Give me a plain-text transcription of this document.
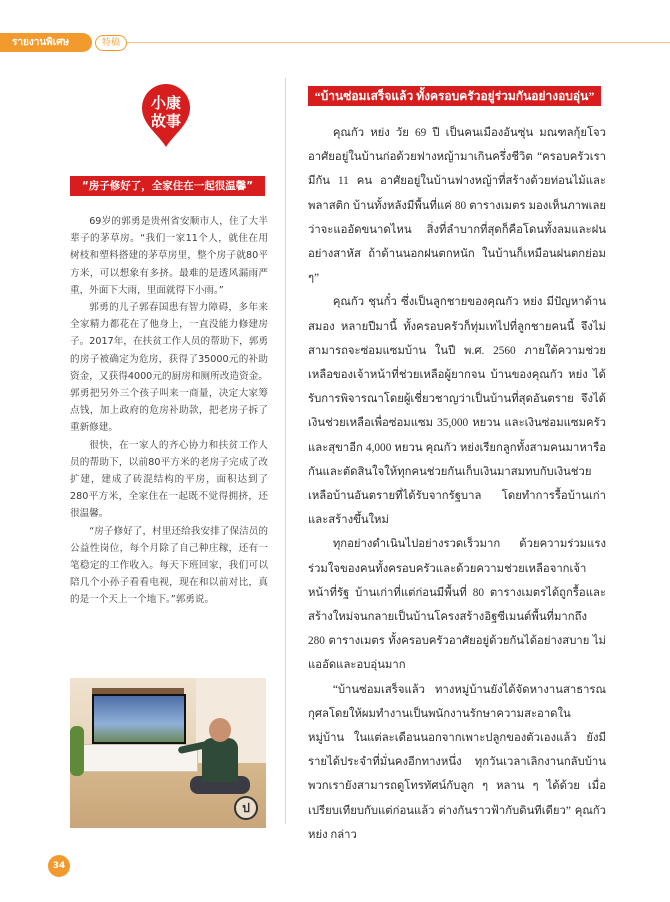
รายงานพิเศษ	特稿
小康
故事
“房子修好了，全家住在一起很温馨”

69岁的郭勇是贵州省安顺市人，住了大半辈子的茅草房。“我们一家11个人，就住在用树枝和塑料搭建的茅草房里，整个房子就80平方米，可以想象有多挤。最难的是透风漏雨严重，外面下大雨，里面就得下小雨。”

郭勇的儿子郭春国患有智力障碍，多年来全家精力都花在了他身上，一直没能力修建房子。2017年，在扶贫工作人员的帮助下，郭勇的房子被确定为危房，获得了35000元的补助资金，又获得4000元的厨房和厕所改造资金。郭勇把另外三个孩子叫来一商量，决定大家筹点钱，加上政府的危房补助款，把老房子拆了重新修建。

很快，在一家人的齐心协力和扶贫工作人员的帮助下，以前80平方米的老房子完成了改扩建，建成了砖混结构的平房，面积达到了280平方米，全家住在一起既不觉得拥挤，还很温馨。

“房子修好了，村里还给我安排了保洁员的公益性岗位，每个月除了自己种庄稼，还有一笔稳定的工作收入。每天下班回家，我们可以陪几个小孙子看看电视，现在和以前对比，真的是一个天上一个地下。”郭勇说。

ป
“บ้านซ่อมเสร็จแล้ว ทั้งครอบครัวอยู่ร่วมกันอย่างอบอุ่น”

คุณกัว หย่ง วัย 69 ปี เป็นคนเมืองอันซุ่น มณฑลกุ้ยโจว อาศัยอยู่ในบ้านก่อด้วยฟางหญ้ามาเกินครึ่งชีวิต “ครอบครัวเรามีกัน 11 คน อาศัยอยู่ในบ้านฟางหญ้าที่สร้างด้วยท่อนไม้และพลาสติก บ้านทั้งหลังมีพื้นที่แค่ 80 ตารางเมตร มองเห็นภาพเลยว่าจะแออัดขนาดไหน สิ่งที่ลำบากที่สุดก็คือโดนทั้งลมและฝนอย่างสาหัส ถ้าด้านนอกฝนตกหนัก ในบ้านก็เหมือนฝนตกย่อม ๆ”

คุณกัว ชุนกั๋ว ซึ่งเป็นลูกชายของคุณกัว หย่ง มีปัญหาด้านสมอง หลายปีมานี้ ทั้งครอบครัวก็ทุ่มเทไปที่ลูกชายคนนี้ จึงไม่สามารถจะซ่อมแซมบ้าน ในปี พ.ศ. 2560 ภายใต้ความช่วยเหลือของเจ้าหน้าที่ช่วยเหลือผู้ยากจน บ้านของคุณกัว หย่ง ได้รับการพิจารณาโดยผู้เชี่ยวชาญว่าเป็นบ้านที่สุดอันตราย จึงได้เงินช่วยเหลือเพื่อซ่อมแซม 35,000 หยวน และเงินซ่อมแซมครัวและสุขาอีก 4,000 หยวน คุณกัว หย่งเรียกลูกทั้งสามคนมาหารือกันและตัดสินใจให้ทุกคนช่วยกันเก็บเงินมาสมทบกับเงินช่วยเหลือบ้านอันตรายที่ได้รับจากรัฐบาล โดยทำการรื้อบ้านเก่าและสร้างขึ้นใหม่

ทุกอย่างดำเนินไปอย่างรวดเร็วมาก ด้วยความร่วมแรงร่วมใจของคนทั้งครอบครัวและด้วยความช่วยเหลือจากเจ้าหน้าที่รัฐ บ้านเก่าที่แต่ก่อนมีพื้นที่ 80 ตารางเมตรได้ถูกรื้อและสร้างใหม่จนกลายเป็นบ้านโครงสร้างอิฐซีเมนต์พื้นที่มากถึง 280 ตารางเมตร ทั้งครอบครัวอาศัยอยู่ด้วยกันได้อย่างสบาย ไม่แออัดและอบอุ่นมาก

“บ้านซ่อมเสร็จแล้ว ทางหมู่บ้านยังได้จัดหางานสาธารณกุศลโดยให้ผมทำงานเป็นพนักงานรักษาความสะอาดในหมู่บ้าน ในแต่ละเดือนนอกจากเพาะปลูกของตัวเองแล้ว ยังมีรายได้ประจำที่มั่นคงอีกทางหนึ่ง ทุกวันเวลาเลิกงานกลับบ้าน พวกเรายังสามารถดูโทรทัศน์กับลูก ๆ หลาน ๆ ได้ด้วย เมื่อเปรียบเทียบกับแต่ก่อนแล้ว ต่างกันราวฟ้ากับดินทีเดียว” คุณกัว หย่ง กล่าว

34
